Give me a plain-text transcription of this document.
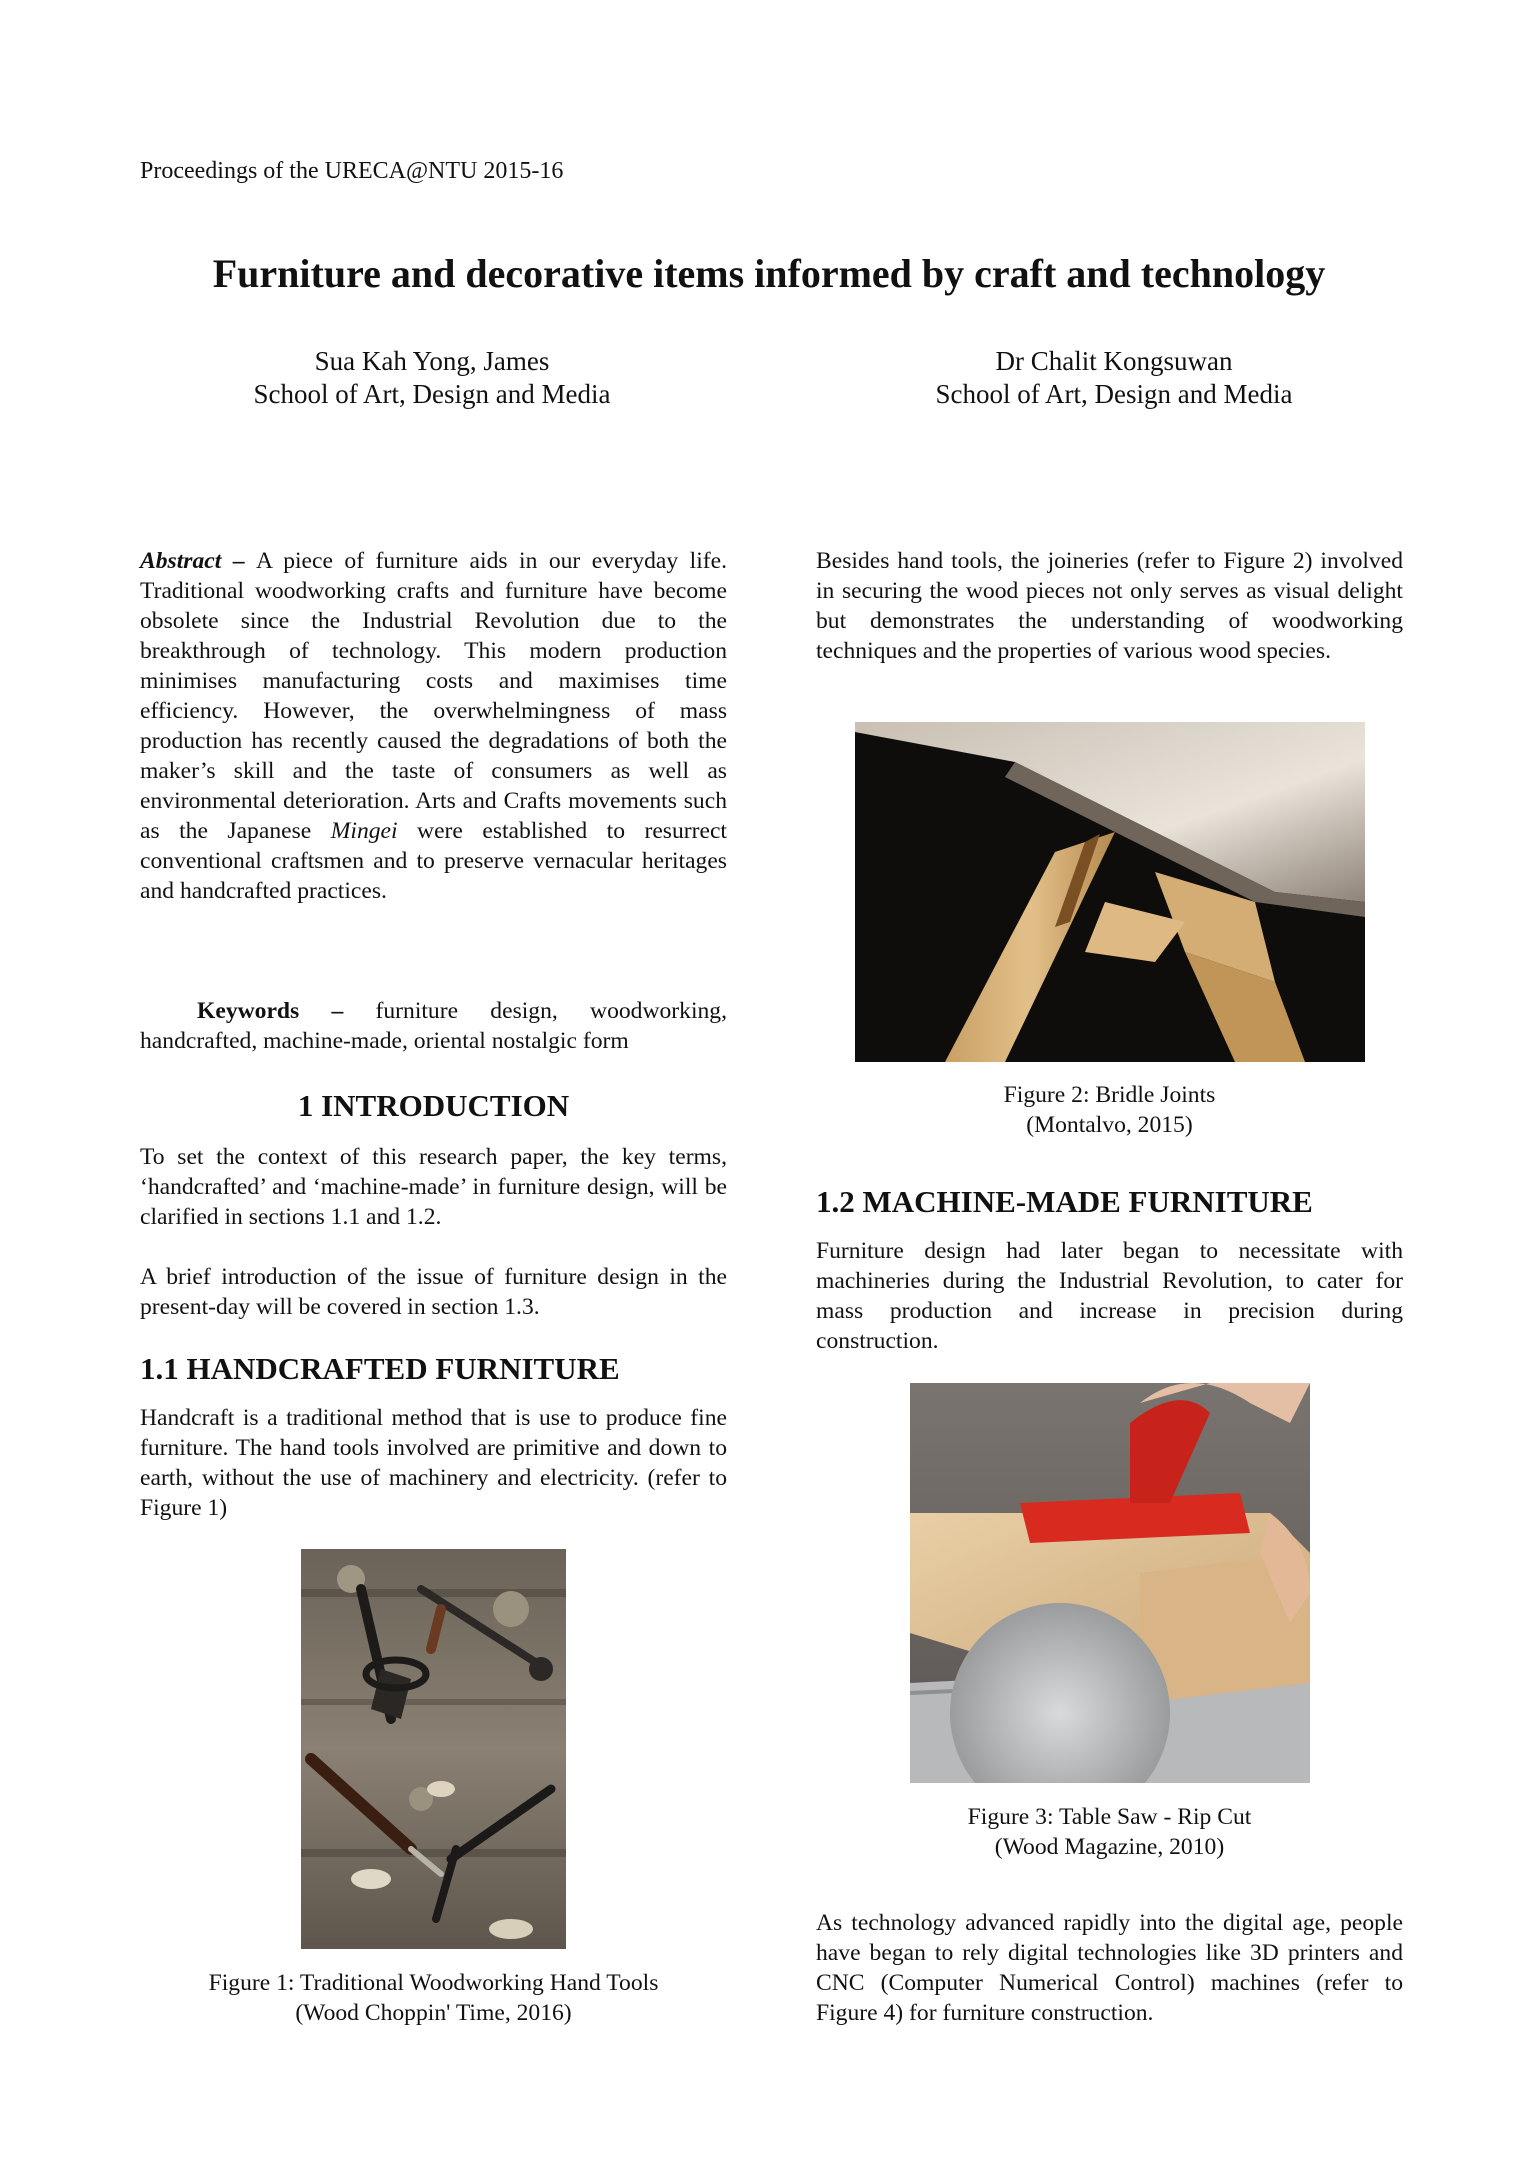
Proceedings of the URECA@NTU 2015-16
Furniture and decorative items informed by craft and technology
Sua Kah Yong, James
School of Art, Design and Media
Dr Chalit Kongsuwan
School of Art, Design and Media

Abstract – A piece of furniture aids in our everyday life. Traditional woodworking crafts and furniture have become obsolete since the Industrial Revolution due to the breakthrough of technology. This modern production minimises manufacturing costs and maximises time efficiency. However, the overwhelmingness of mass production has recently caused the degradations of both the maker’s skill and the taste of consumers as well as environmental deterioration. Arts and Crafts movements such as the Japanese Mingei were established to resurrect conventional craftsmen and to preserve vernacular heritages and handcrafted practices.

Keywords – furniture design, woodworking, handcrafted, machine-made, oriental nostalgic form

1 INTRODUCTION

To set the context of this research paper, the key terms, ‘handcrafted’ and ‘machine-made’ in furniture design, will be clarified in sections 1.1 and 1.2.

A brief introduction of the issue of furniture design in the present-day will be covered in section 1.3.

1.1 HANDCRAFTED FURNITURE

Handcraft is a traditional method that is use to produce fine furniture. The hand tools involved are primitive and down to earth, without the use of machinery and electricity. (refer to Figure 1)

Figure 1: Traditional Woodworking Hand Tools
(Wood Choppin' Time, 2016)

Besides hand tools, the joineries (refer to Figure 2) involved in securing the wood pieces not only serves as visual delight but demonstrates the understanding of woodworking techniques and the properties of various wood species.

Figure 2: Bridle Joints
(Montalvo, 2015)
1.2 MACHINE-MADE FURNITURE

Furniture design had later began to necessitate with machineries during the Industrial Revolution, to cater for mass production and increase in precision during construction.

Figure 3: Table Saw - Rip Cut
(Wood Magazine, 2010)

As technology advanced rapidly into the digital age, people have began to rely digital technologies like 3D printers and CNC (Computer Numerical Control) machines (refer to Figure 4) for furniture construction.
